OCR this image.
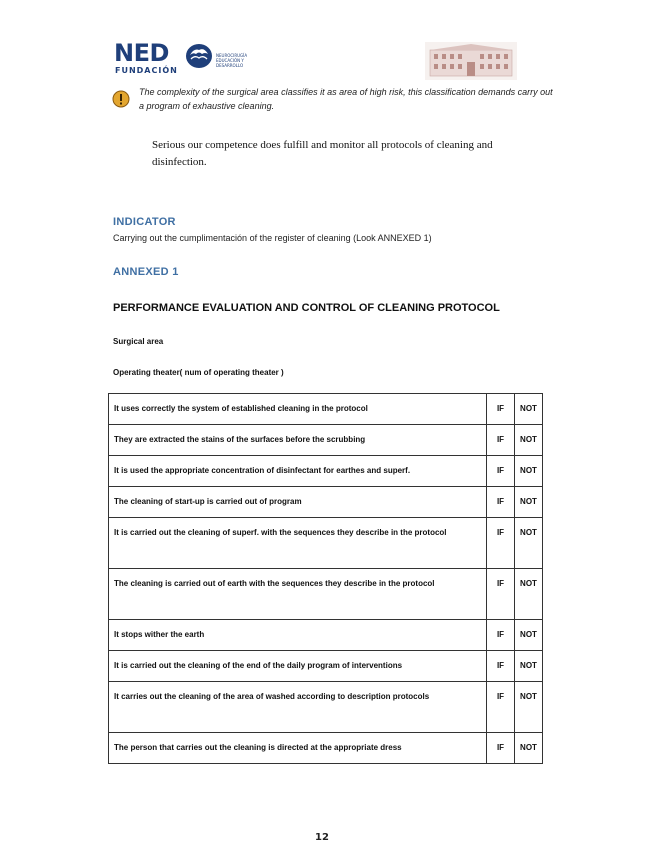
NED
FUNDACIÓN
NEUROCIRUGÍA
EDUCACIÓN Y
DESARROLLO
The complexity of the surgical area classifies it as area of high risk, this classification demands carry out a program of exhaustive cleaning.
Serious our competence does fulfill and monitor all protocols of cleaning and disinfection.
INDICATOR
Carrying out the cumplimentación of the register of cleaning (Look ANNEXED 1)
ANNEXED 1
PERFORMANCE EVALUATION AND CONTROL OF CLEANING PROTOCOL
Surgical area
Operating theater( num of operating theater )
It uses correctly the system of established cleaning in the protocol	IF	NOT
They are extracted the stains of the surfaces before the scrubbing	IF	NOT
It is used the appropriate concentration of disinfectant for earthes and superf.	IF	NOT
The cleaning of start-up is carried out of program	IF	NOT
It is carried out the cleaning of superf. with the sequences they describe in the protocol	IF	NOT
The cleaning is carried out of earth with the sequences they describe in the protocol	IF	NOT
It stops wither the earth	IF	NOT
It is carried out the cleaning of the end of the daily program of interventions	IF	NOT
It carries out the cleaning of the area of washed according to description protocols	IF	NOT
The person that carries out the cleaning is directed at the appropriate dress	IF	NOT
12
